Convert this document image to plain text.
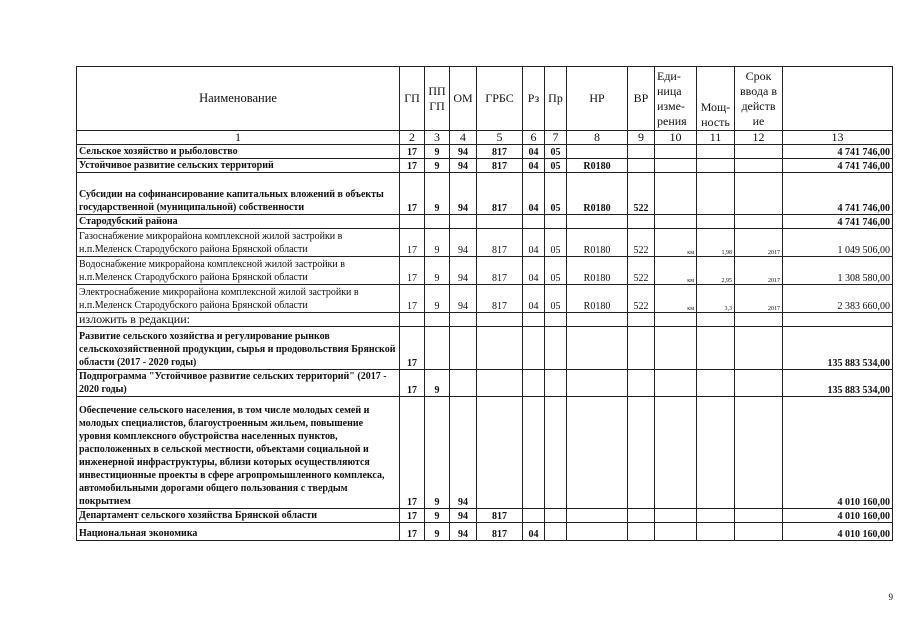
Наименование	ГП	ПП ГП	ОМ	ГРБС	Рз	Пр	НР	ВР	Еди- ница изме- рения	Мощ- ность	Срок ввода в действ ие	
1	2	3	4	5	6	7	8	9	10	11	12	13
Сельское хозяйство и рыболовство	17	9	94	817	04	05						4 741 746,00
Устойчивое развитие сельских территорий	17	9	94	817	04	05	R0180					4 741 746,00
Субсидии на софинансирование капитальных вложений в объекты государственной (муниципальной) собственности	17	9	94	817	04	05	R0180	522				4 741 746,00
Стародубский района												4 741 746,00
Газоснабжение микрорайона комплексной жилой застройки в н.п.Меленск Стародубского района Брянской области	17	9	94	817	04	05	R0180	522	км	1,98	2017	1 049 506,00
Водоснабжение микрорайона комплексной жилой застройки в н.п.Меленск Стародубского района Брянской области	17	9	94	817	04	05	R0180	522	км	2,95	2017	1 308 580,00
Электроснабжение микрорайона комплексной жилой застройки в н.п.Меленск Стародубского района Брянской области	17	9	94	817	04	05	R0180	522	км	3,3	2017	2 383 660,00
изложить в редакции:												
Развитие сельского хозяйства и регулирование рынков сельскохозяйственной продукции, сырья и продовольствия Брянской области (2017 - 2020 годы)	17											135 883 534,00
Подпрограмма "Устойчивое развитие сельских территорий" (2017 - 2020 годы)	17	9										135 883 534,00
Обеспечение сельского населения, в том числе молодых семей и молодых специалистов, благоустроенным жильем, повышение уровня комплексного обустройства населенных пунктов, расположенных в сельской местности, объектами социальной и инженерной инфраструктуры, вблизи которых осуществляются инвестиционные проекты в сфере агропромышленного комплекса, автомобильными дорогами общего пользования с твердым покрытием	17	9	94									4 010 160,00
Департамент сельского хозяйства Брянской области	17	9	94	817								4 010 160,00
Национальная экономика	17	9	94	817	04							4 010 160,00
9
